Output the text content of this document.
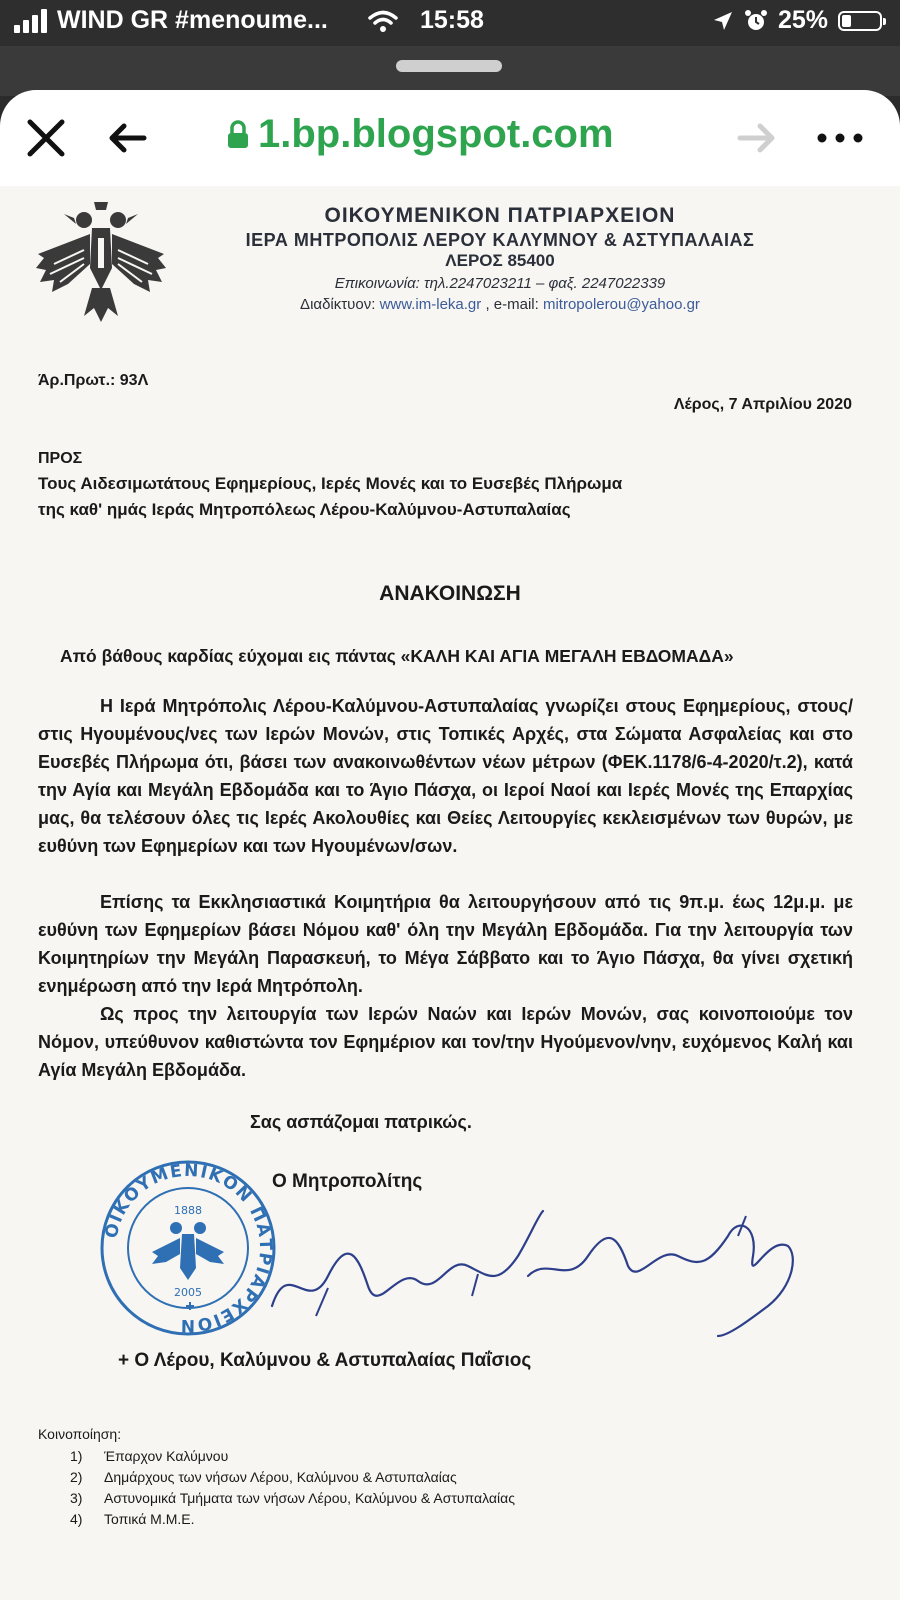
WIND GR #menoume...	15:58	25%
1.bp.blogspot.com
ΟΙΚΟΥΜΕΝΙΚΟΝ ΠΑΤΡΙΑΡΧΕΙΟΝ
ΙΕΡΑ ΜΗΤΡΟΠΟΛΙΣ ΛΕΡΟΥ ΚΑΛΥΜΝΟΥ & ΑΣΤΥΠΑΛΑΙΑΣ
ΛΕΡΟΣ 85400
Επικοινωνία: τηλ.2247023211 – φαξ. 2247022339
Διαδίκτυον: www.im-leka.gr , e-mail: mitropolerou@yahoo.gr
Άρ.Πρωτ.: 93Λ
Λέρος, 7 Απριλίου 2020
ΠΡΟΣ
Τους Αιδεσιμωτάτους Εφημερίους, Ιερές Μονές και το Ευσεβές Πλήρωμα
της καθ' ημάς Ιεράς Μητροπόλεως Λέρου-Καλύμνου-Αστυπαλαίας
ΑΝΑΚΟΙΝΩΣΗ
Από βάθους καρδίας εύχομαι εις πάντας «ΚΑΛΗ ΚΑΙ ΑΓΙΑ ΜΕΓΑΛΗ ΕΒΔΟΜΑΔΑ»
Η Ιερά Μητρόπολις Λέρου-Καλύμνου-Αστυπαλαίας γνωρίζει στους Εφημερίους, στους/στις Ηγουμένους/νες των Ιερών Μονών, στις Τοπικές Αρχές, στα Σώματα Ασφαλείας και στο Ευσεβές Πλήρωμα ότι, βάσει των ανακοινωθέντων νέων μέτρων (ΦΕΚ.1178/6-4-2020/τ.2), κατά την Αγία και Μεγάλη Εβδομάδα και το Άγιο Πάσχα, οι Ιεροί Ναοί και Ιερές Μονές της Επαρχίας μας, θα τελέσουν όλες τις Ιερές Ακολουθίες και Θείες Λειτουργίες κεκλεισμένων των θυρών, με ευθύνη των Εφημερίων και των Ηγουμένων/σων.
Επίσης τα Εκκλησιαστικά Κοιμητήρια θα λειτουργήσουν από τις 9π.μ. έως 12μ.μ. με ευθύνη των Εφημερίων βάσει Νόμου καθ' όλη την Μεγάλη Εβδομάδα. Για την λειτουργία των Κοιμητηρίων την Μεγάλη Παρασκευή, το Μέγα Σάββατο και το Άγιο Πάσχα, θα γίνει σχετική ενημέρωση από την Ιερά Μητρόπολη.
Ως προς την λειτουργία των Ιερών Ναών και Ιερών Μονών, σας κοινοποιούμε τον Νόμον, υπεύθυνον καθιστώντα τον Εφημέριον και τον/την Ηγούμενον/νην, ευχόμενος Καλή και Αγία Μεγάλη Εβδομάδα.
Σας ασπάζομαι πατρικώς.
Ο Μητροπολίτης
ΟΙΚΟΥΜΕΝΙΚΟΝ ΠΑΤΡΙΑΡΧΕΙΟΝ
1888
2005
+ Ο Λέρου, Καλύμνου & Αστυπαλαίας Παΐσιος
Κοινοποίηση:
1) Έπαρχον Καλύμνου
2) Δημάρχους των νήσων Λέρου, Καλύμνου & Αστυπαλαίας
3) Αστυνομικά Τμήματα των νήσων Λέρου, Καλύμνου & Αστυπαλαίας
4) Τοπικά Μ.Μ.Ε.
